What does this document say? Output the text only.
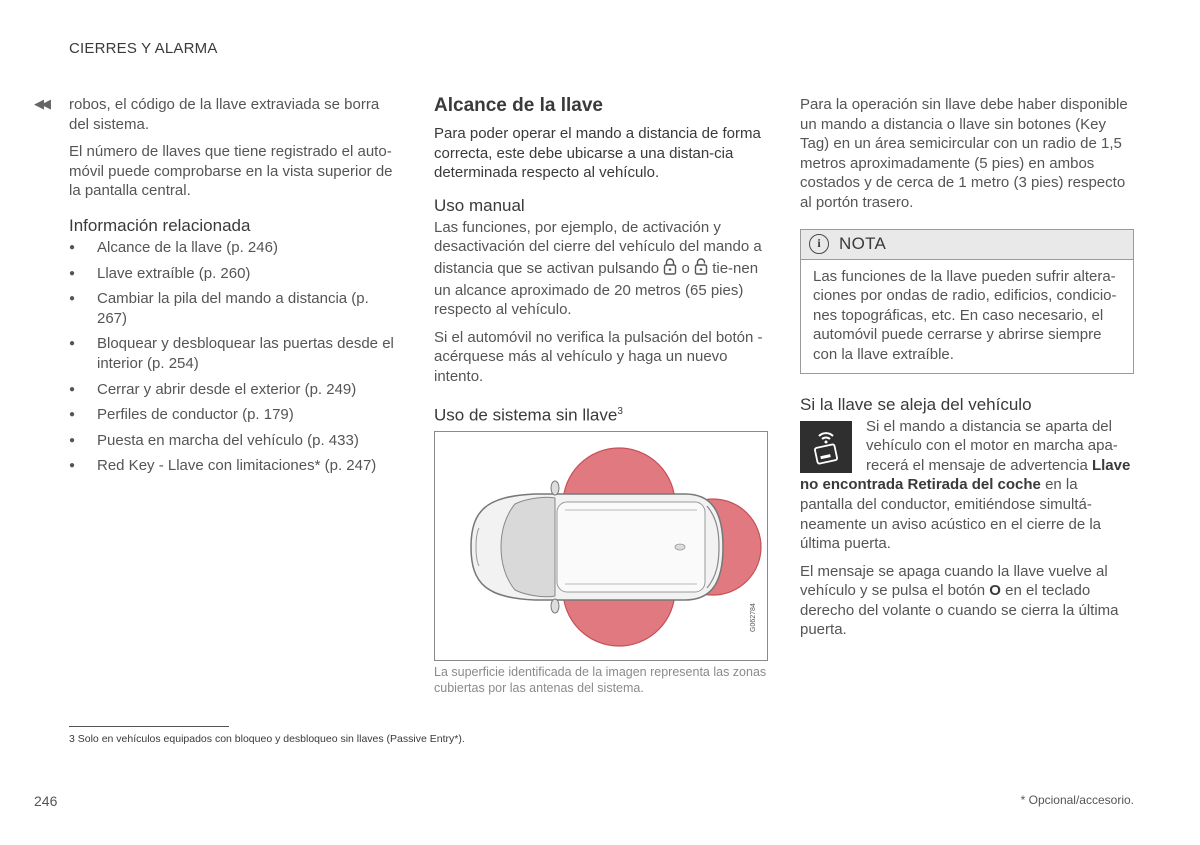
CIERRES Y ALARMA
◀◀ robos, el código de la llave extraviada se borra del sistema.

El número de llaves que tiene registrado el auto-móvil puede comprobarse en la vista superior de la pantalla central.

Información relacionada
● Alcance de la llave (p. 246)
● Llave extraíble (p. 260)
● Cambiar la pila del mando a distancia (p. 267)
● Bloquear y desbloquear las puertas desde el interior (p. 254)
● Cerrar y abrir desde el exterior (p. 249)
● Perfiles de conductor (p. 179)
● Puesta en marcha del vehículo (p. 433)
● Red Key - Llave con limitaciones* (p. 247)
Alcance de la llave

Para poder operar el mando a distancia de forma correcta, este debe ubicarse a una distan-cia determinada respecto al vehículo.

Uso manual

Las funciones, por ejemplo, de activación y desactivación del cierre del vehículo del mando a distancia que se activan pulsando o tie-nen un alcance aproximado de 20 metros (65 pies) respecto al vehículo.

Si el automóvil no verifica la pulsación del botón - acérquese más al vehículo y haga un nuevo intento.

Uso de sistema sin llave$^3$
G062784
La superficie identificada de la imagen representa las zonas cubiertas por las antenas del sistema.

Para la operación sin llave debe haber disponible un mando a distancia o llave sin botones (Key Tag) en un área semicircular con un radio de 1,5 metros aproximadamente (5 pies) en ambos costados y de cerca de 1 metro (3 pies) respecto al portón trasero.

i	NOTA
Las funciones de la llave pueden sufrir altera-ciones por ondas de radio, edificios, condicio-nes topográficas, etc. En caso necesario, el automóvil puede cerrarse y abrirse siempre con la llave extraíble.
Si la llave se aleja del vehículo

Si el mando a distancia se aparta del vehículo con el motor en marcha apa-recerá el mensaje de advertencia Llave no encontrada Retirada del coche en la pantalla del conductor, emitiéndose simultá-neamente un aviso acústico en el cierre de la última puerta.

El mensaje se apaga cuando la llave vuelve al vehículo y se pulsa el botón O en el teclado derecho del volante o cuando se cierra la última puerta.

3 Solo en vehículos equipados con bloqueo y desbloqueo sin llaves (Passive Entry*).
246	* Opcional/accesorio.
